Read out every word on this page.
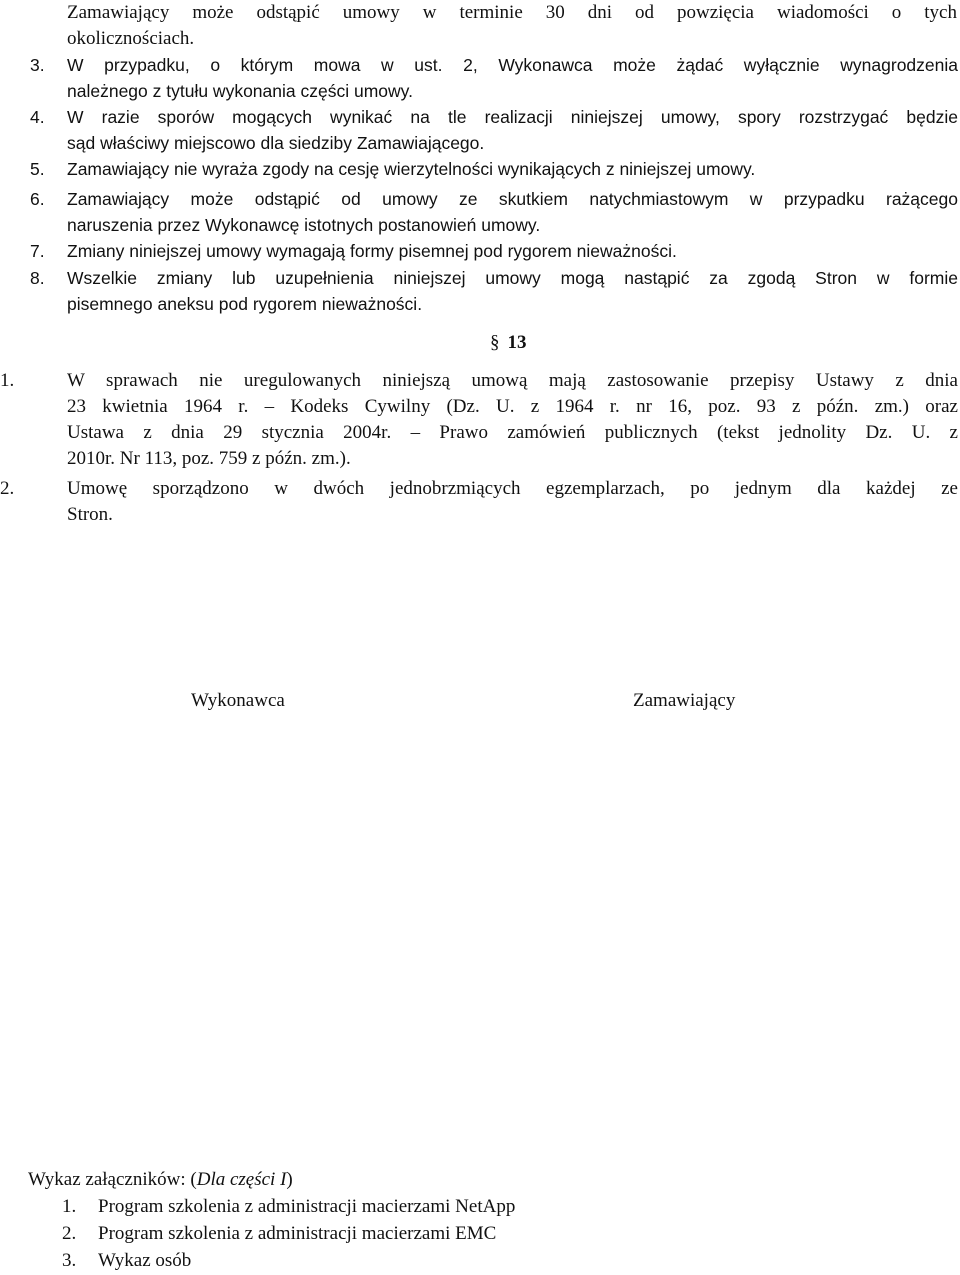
Zamawiający może odstąpić umowy w terminie 30 dni od powzięcia wiadomości o tych
okolicznościach.
3.	W przypadku, o którym mowa w ust. 2, Wykonawca może żądać wyłącznie wynagrodzenia
należnego z tytułu wykonania części umowy.
4.	W razie sporów mogących wynikać na tle realizacji niniejszej umowy, spory rozstrzygać będzie
sąd właściwy miejscowo dla siedziby Zamawiającego.
5.	Zamawiający nie wyraża zgody na cesję wierzytelności wynikających z niniejszej umowy.
6.	Zamawiający może odstąpić od umowy ze skutkiem natychmiastowym w przypadku rażącego
naruszenia przez Wykonawcę istotnych postanowień umowy.
7.	Zmiany niniejszej umowy wymagają formy pisemnej pod rygorem nieważności.
8.	Wszelkie zmiany lub uzupełnienia niniejszej umowy mogą nastąpić za zgodą Stron w formie
pisemnego aneksu pod rygorem nieważności.
§ 13
1.	W sprawach nie uregulowanych niniejszą umową mają zastosowanie przepisy Ustawy z dnia
23 kwietnia 1964 r. – Kodeks Cywilny (Dz. U. z 1964 r. nr 16, poz. 93 z późn. zm.) oraz
Ustawa z dnia 29 stycznia 2004r. – Prawo zamówień publicznych (tekst jednolity Dz. U. z
2010r. Nr 113, poz. 759 z późn. zm.).
2.	Umowę sporządzono w dwóch jednobrzmiących egzemplarzach, po jednym dla każdej ze
Stron.
Wykonawca	Zamawiający
Wykaz załączników: (Dla części I)
1. Program szkolenia z administracji macierzami NetApp
2. Program szkolenia z administracji macierzami EMC
3. Wykaz osób
